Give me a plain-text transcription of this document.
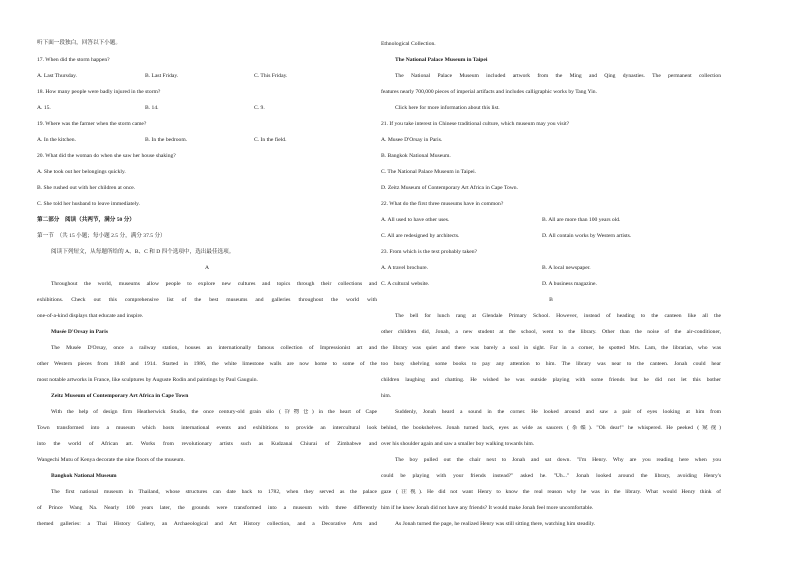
听下面一段独白，回答以下小题。
17. When did the storm happen?
A. Last Thursday.	B. Last Friday.	C. This Friday.
18. How many people were badly injured in the storm?
A. 15.	B. 14.	C. 9.
19. Where was the farmer when the storm came?
A. In the kitchen.	B. In the bedroom.	C. In the field.
20. What did the woman do when she saw her house shaking?
A. She took out her belongings quickly.
B. She rushed out with her children at once.
C. She told her husband to leave immediately.
第二部分　阅读（共两节，满分 50 分）
第一节　（共 15 小题；每小题 2.5 分，满分 37.5 分）
阅读下列短文，从每题所给的 A、B、C 和 D 四个选项中，选出最佳选项。
A
Throughout the world, museums allow people to explore new cultures and topics through their collections and
exhibitions. Check out this comprehensive list of the best museums and galleries throughout the world with
one-of-a-kind displays that educate and inspire.
Musée D'Orsay in Paris
The Musée D'Orsay, once a railway station, houses an internationally famous collection of Impressionist art and
other Western pieces from 1848 and 1914. Started in 1986, the white limestone walls are now home to some of the
most notable artworks in France, like sculptures by Auguste Rodin and paintings by Paul Gauguin.
Zeitz Museum of Contemporary Art Africa in Cape Town
With the help of design firm Heatherwick Studio, the once century-old grain silo (谷物仓) in the heart of Cape
Town transformed into a museum which hosts international events and exhibitions to provide an intercultural look
into the world of African art. Works from revolutionary artists such as Kudzanai Chiurai of Zimbabwe and
Wangechi Mutu of Kenya decorate the nine floors of the museum.
Bangkok National Museum
The first national museum in Thailand, whose structures can date back to 1782, when they served as the palace
of Prince Wang Na. Nearly 100 years later, the grounds were transformed into a museum with three differently
themed galleries: a Thai History Gallery, an Archaeological and Art History collection, and a Decorative Arts and
Ethnological Collection.
The National Palace Museum in Taipei
The National Palace Museum included artwork from the Ming and Qing dynasties. The permanent collection
features nearly 700,000 pieces of imperial artifacts and includes calligraphic works by Tang Yin.
Click here for more information about this list.
21. If you take interest in Chinese traditional culture, which museum may you visit?
A. Musee D'Orsay in Paris.
B. Bangkok National Museum.
C. The National Palace Museum in Taipei.
D. Zeitz Museum of Contemporary Art Africa in Cape Town.
22. What do the first three museums have in common?
A. All used to have other uses.	B. All are more than 100 years old.
C. All are redesigned by architects.	D. All contain works by Western artists.
23. From which is the text probably taken?
A. A travel brochure.	B. A local newspaper.
C. A cultural website.	D. A business magazine.
B
The bell for lunch rang at Glendale Primary School. However, instead of heading to the canteen like all the
other children did, Jonah, a new student at the school, went to the library. Other than the noise of the air-conditioner,
the library was quiet and there was barely a soul in sight. Far in a corner, he spotted Mrs. Lam, the librarian, who was
too busy shelving some books to pay any attention to him. The library was near to the canteen. Jonah could hear
children laughing and chatting. He wished he was outside playing with some friends but he did not let this bother
him.
Suddenly, Jonah heard a sound in the corner. He looked around and saw a pair of eyes looking at him from
behind, the bookshelves. Jonah turned back, eyes as wide as saucers (茶碟). "Oh dear!" he whispered. He peeked (窥视)
over his shoulder again and saw a smaller boy walking towards him.
The boy pulled out the chair next to Jonah and sat down. "I'm Henry. Why are you reading here when you
could be playing with your friends instead?" asked he. "Uh..." Jonah looked around the library, avoiding Henry's
gaze (注视). He did not want Henry to know the real reason why he was in the library. What would Henry think of
him if he knew Jonah did not have any friends? It would make Jonah feel more uncomfortable.
As Jonah turned the page, he realized Henry was still sitting there, watching him steadily.
